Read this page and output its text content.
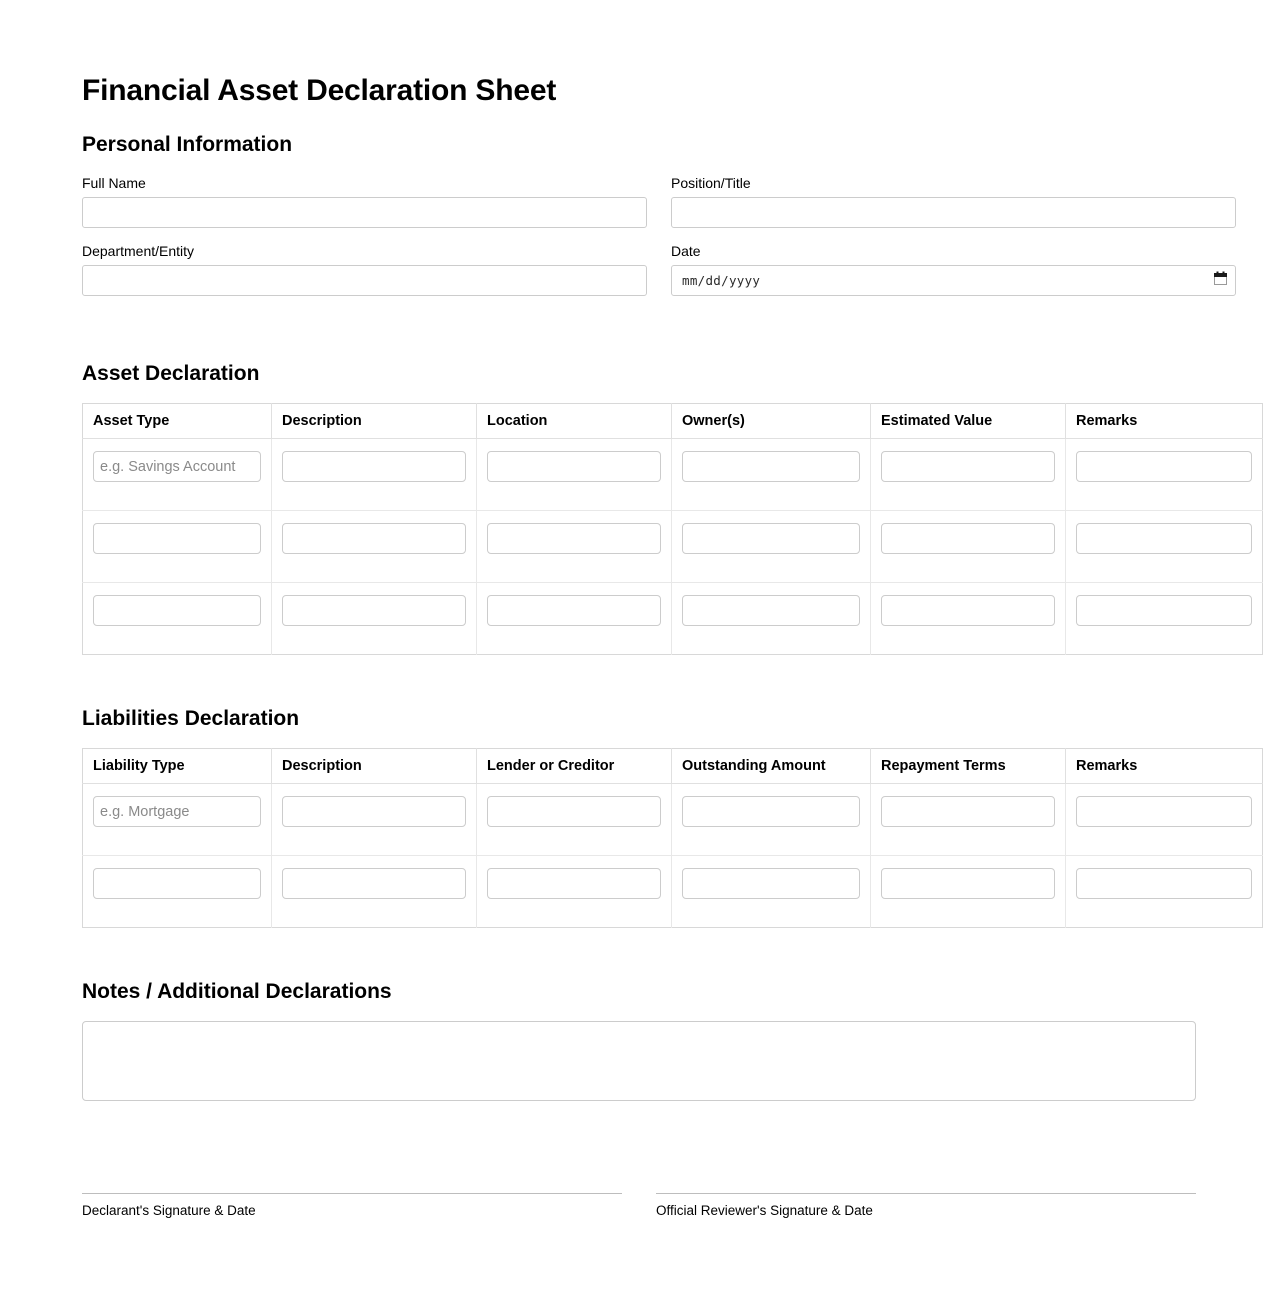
Financial Asset Declaration Sheet
Personal Information
Full Name	Position/Title
Department/Entity	Date
mm/dd/yyyy
Asset Declaration
Asset Type	Description	Location	Owner(s)	Estimated Value	Remarks

e.g. Savings Account	

Liabilities Declaration
Liability Type	Description	Lender or Creditor	Outstanding Amount	Repayment Terms	Remarks

e.g. Mortgage	

Notes / Additional Declarations
Declarant's Signature & Date	Official Reviewer's Signature & Date
